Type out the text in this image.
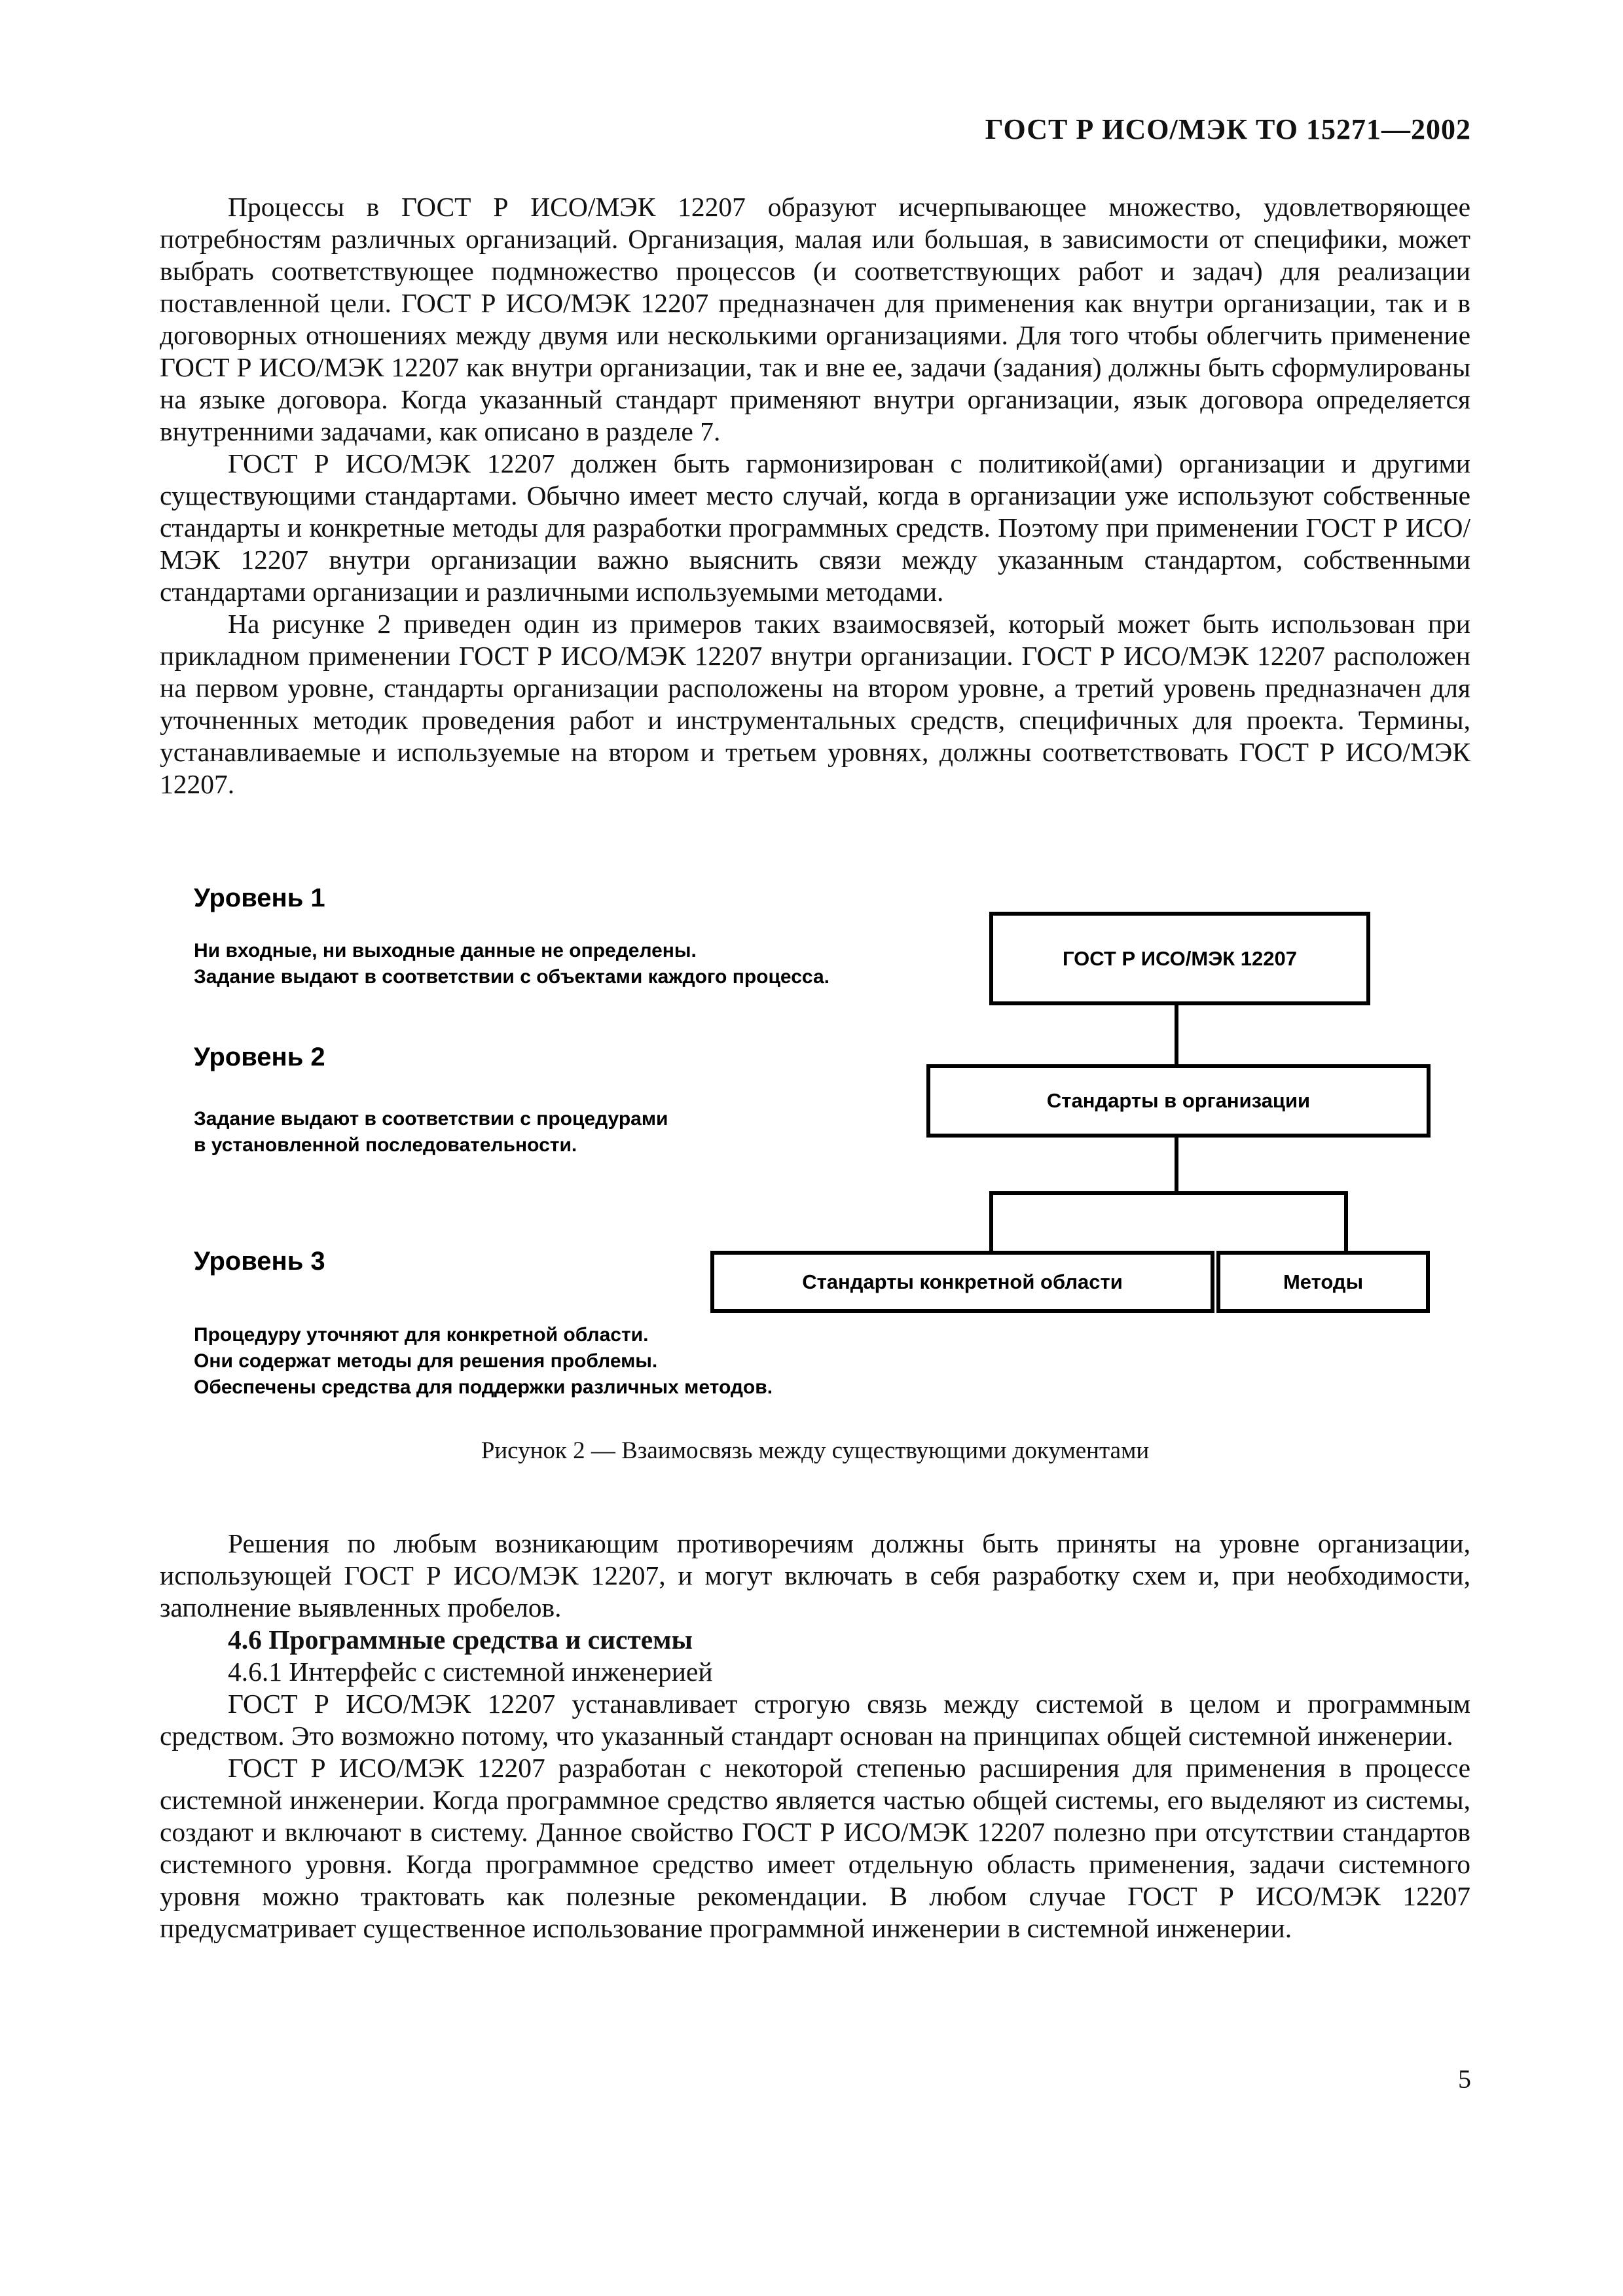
ГОСТ Р ИСО/МЭК ТО 15271—2002

Процессы в ГОСТ Р ИСО/МЭК 12207 образуют исчерпывающее множество, удовлетворяющее потребностям различных организаций. Организация, малая или большая, в зависимости от специфики, может выбрать соответствующее подмножество процессов (и соответствующих работ и задач) для реализации поставленной цели. ГОСТ Р ИСО/МЭК 12207 предназначен для применения как внутри организации, так и в договорных отношениях между двумя или несколькими организациями. Для того чтобы облегчить применение ГОСТ Р ИСО/МЭК 12207 как внутри организации, так и вне ее, задачи (задания) должны быть сформулированы на языке договора. Когда указанный стандарт применяют внутри организации, язык договора определяется внутренними задачами, как описано в разделе 7.

ГОСТ Р ИСО/МЭК 12207 должен быть гармонизирован с политикой(ами) организации и другими существующими стандартами. Обычно имеет место случай, когда в организации уже используют собственные стандарты и конкретные методы для разработки программных средств. Поэтому при применении ГОСТ Р ИСО/МЭК 12207 внутри организации важно выяснить связи между указанным стандартом, собственными стандартами организации и различными используемыми методами.

На рисунке 2 приведен один из примеров таких взаимосвязей, который может быть использован при прикладном применении ГОСТ Р ИСО/МЭК 12207 внутри организации. ГОСТ Р ИСО/МЭК 12207 расположен на первом уровне, стандарты организации расположены на втором уровне, а третий уровень предназначен для уточненных методик проведения работ и инструментальных средств, специфичных для проекта. Термины, устанавливаемые и используемые на втором и третьем уровнях, должны соответствовать ГОСТ Р ИСО/МЭК 12207.

Уровень 1
Ни входные, ни выходные данные не определены.
Задание выдают в соответствии с объектами каждого процесса.
Уровень 2
Задание выдают в соответствии с процедурами
в установленной последовательности.
Уровень 3
Процедуру уточняют для конкретной области.
Они содержат методы для решения проблемы.
Обеспечены средства для поддержки различных методов.
ГОСТ Р ИСО/МЭК 12207
Стандарты в организации
Стандарты конкретной области	Методы
Рисунок 2 — Взаимосвязь между существующими документами

Решения по любым возникающим противоречиям должны быть приняты на уровне организации, использующей ГОСТ Р ИСО/МЭК 12207, и могут включать в себя разработку схем и, при необходимости, заполнение выявленных пробелов.

4.6 Программные средства и системы

4.6.1 Интерфейс с системной инженерией

ГОСТ Р ИСО/МЭК 12207 устанавливает строгую связь между системой в целом и программным средством. Это возможно потому, что указанный стандарт основан на принципах общей системной инженерии.

ГОСТ Р ИСО/МЭК 12207 разработан с некоторой степенью расширения для применения в процессе системной инженерии. Когда программное средство является частью общей системы, его выделяют из системы, создают и включают в систему. Данное свойство ГОСТ Р ИСО/МЭК 12207 полезно при отсутствии стандартов системного уровня. Когда программное средство имеет отдельную область применения, задачи системного уровня можно трактовать как полезные рекомендации. В любом случае ГОСТ Р ИСО/МЭК 12207 предусматривает существенное использование программной инженерии в системной инженерии.

5
